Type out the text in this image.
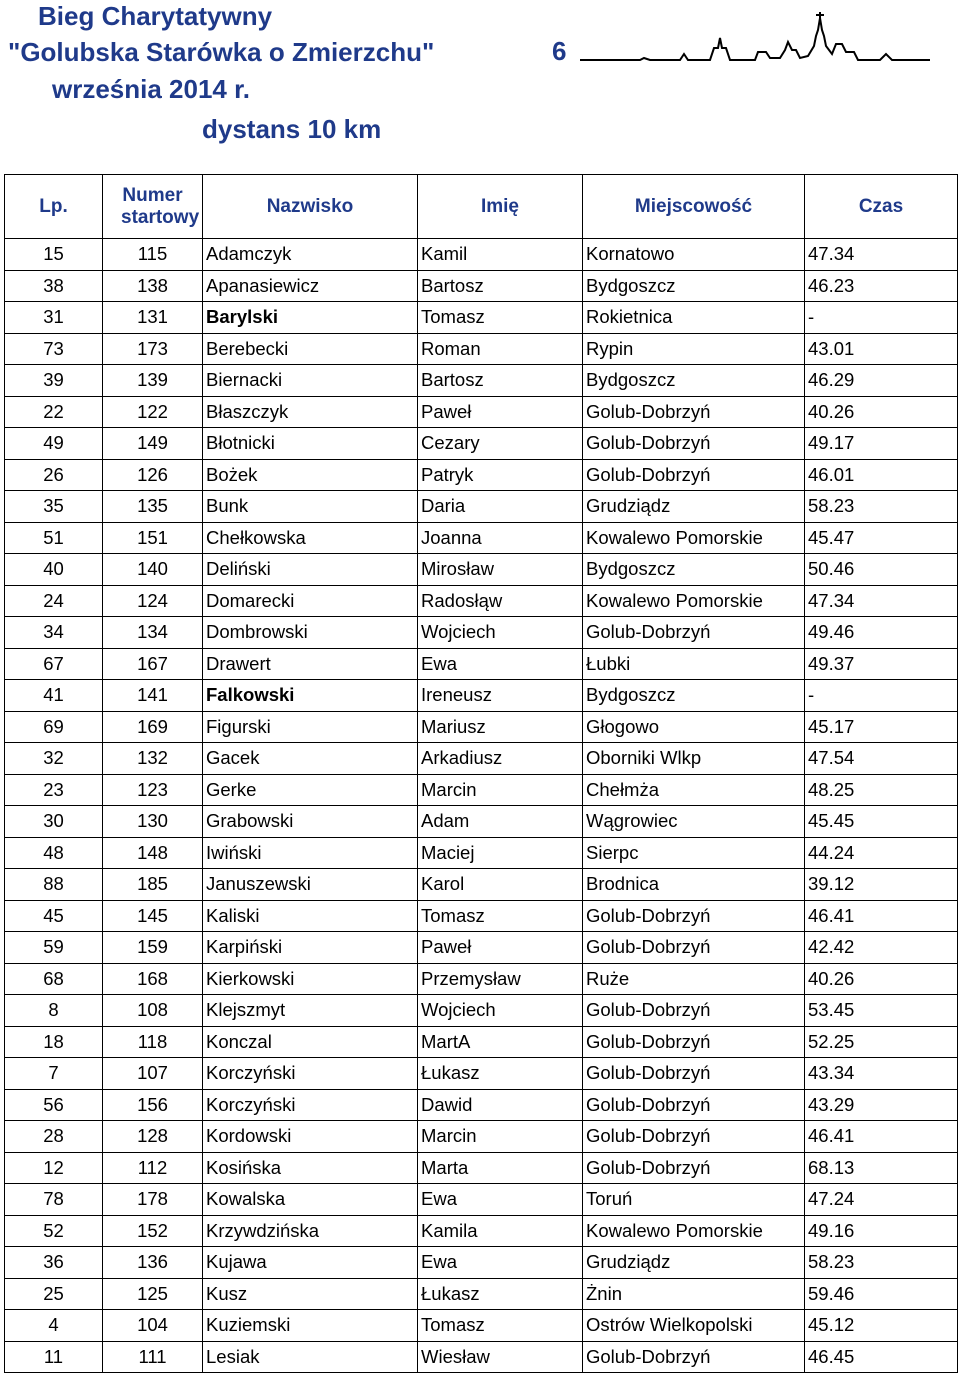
Bieg Charytatywny
"Golubska Starówka o Zmierzchu"	6
września 2014 r.
dystans 10 km
Lp.	Numer startowy	Nazwisko	Imię	Miejscowość	Czas
15	115	Adamczyk	Kamil	Kornatowo	47.34
38	138	Apanasiewicz	Bartosz	Bydgoszcz	46.23
31	131	Barylski	Tomasz	Rokietnica	-
73	173	Berebecki	Roman	Rypin	43.01
39	139	Biernacki	Bartosz	Bydgoszcz	46.29
22	122	Błaszczyk	Paweł	Golub-Dobrzyń	40.26
49	149	Błotnicki	Cezary	Golub-Dobrzyń	49.17
26	126	Bożek	Patryk	Golub-Dobrzyń	46.01
35	135	Bunk	Daria	Grudziądz	58.23
51	151	Chełkowska	Joanna	Kowalewo Pomorskie	45.47
40	140	Deliński	Mirosław	Bydgoszcz	50.46
24	124	Domarecki	Radosłąw	Kowalewo Pomorskie	47.34
34	134	Dombrowski	Wojciech	Golub-Dobrzyń	49.46
67	167	Drawert	Ewa	Łubki	49.37
41	141	Falkowski	Ireneusz	Bydgoszcz	-
69	169	Figurski	Mariusz	Głogowo	45.17
32	132	Gacek	Arkadiusz	Oborniki Wlkp	47.54
23	123	Gerke	Marcin	Chełmża	48.25
30	130	Grabowski	Adam	Wągrowiec	45.45
48	148	Iwiński	Maciej	Sierpc	44.24
88	185	Januszewski	Karol	Brodnica	39.12
45	145	Kaliski	Tomasz	Golub-Dobrzyń	46.41
59	159	Karpiński	Paweł	Golub-Dobrzyń	42.42
68	168	Kierkowski	Przemysław	Ruże	40.26
8	108	Klejszmyt	Wojciech	Golub-Dobrzyń	53.45
18	118	Konczal	MartA	Golub-Dobrzyń	52.25
7	107	Korczyński	Łukasz	Golub-Dobrzyń	43.34
56	156	Korczyński	Dawid	Golub-Dobrzyń	43.29
28	128	Kordowski	Marcin	Golub-Dobrzyń	46.41
12	112	Kosińska	Marta	Golub-Dobrzyń	68.13
78	178	Kowalska	Ewa	Toruń	47.24
52	152	Krzywdzińska	Kamila	Kowalewo Pomorskie	49.16
36	136	Kujawa	Ewa	Grudziądz	58.23
25	125	Kusz	Łukasz	Żnin	59.46
4	104	Kuziemski	Tomasz	Ostrów Wielkopolski	45.12
11	111	Lesiak	Wiesław	Golub-Dobrzyń	46.45
